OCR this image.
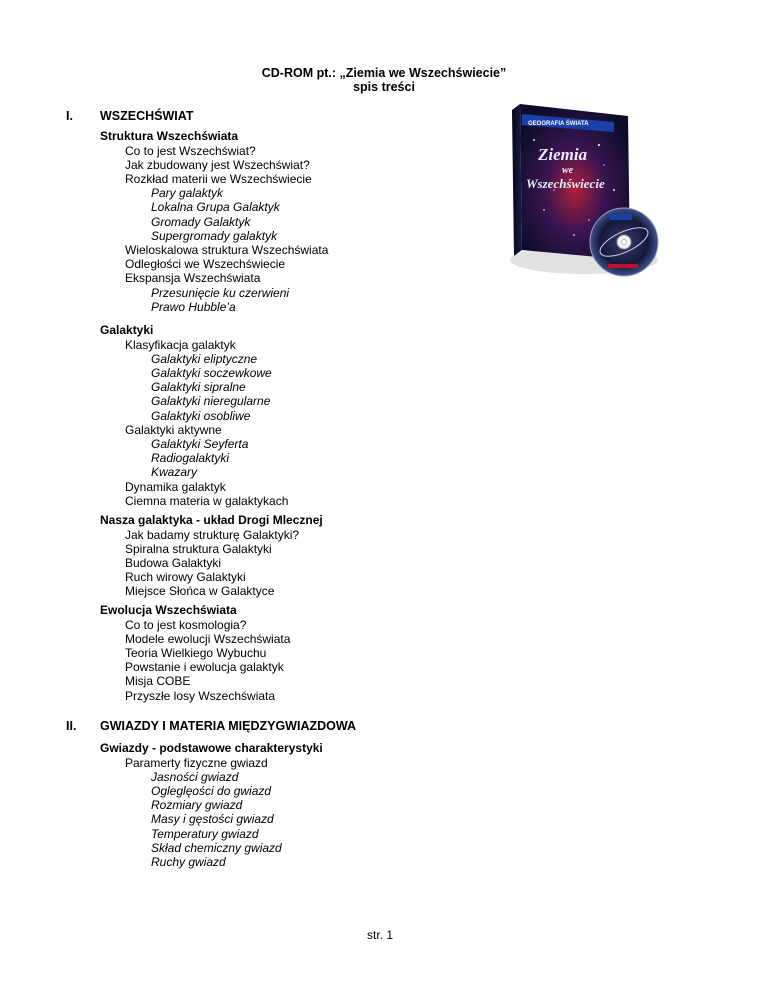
CD-ROM pt.: „Ziemia we Wszechświecie”
spis treści
I. WSZECHŚWIAT
Struktura Wszechświata
Co to jest Wszechświat?
Jak zbudowany jest Wszechświat?
Rozkład materii we Wszechświecie
Pary galaktyk
Lokalna Grupa Galaktyk
Gromady Galaktyk
Supergromady galaktyk
Wieloskalowa struktura Wszechświata
Odległości we Wszechświecie
Ekspansja Wszechświata
Przesunięcie ku czerwieni
Prawo Hubble’a
Galaktyki
Klasyfikacja galaktyk
Galaktyki eliptyczne
Galaktyki soczewkowe
Galaktyki sipralne
Galaktyki nieregularne
Galaktyki osobliwe
Galaktyki aktywne
Galaktyki Seyferta
Radiogalaktyki
Kwazary
Dynamika galaktyk
Ciemna materia w galaktykach
Nasza galaktyka - układ Drogi Mlecznej
Jak badamy strukturę Galaktyki?
Spiralna struktura Galaktyki
Budowa Galaktyki
Ruch wirowy Galaktyki
Miejsce Słońca w Galaktyce
Ewolucja Wszechświata
Co to jest kosmologia?
Modele ewolucji Wszechświata
Teoria Wielkiego Wybuchu
Powstanie i ewolucja galaktyk
Misja COBE
Przyszłe losy Wszechświata
II. GWIAZDY I MATERIA MIĘDZYGWIAZDOWA
Gwiazdy - podstawowe charakterystyki
Paramerty fizyczne gwiazd
Jasności gwiazd
Ogleglęości do gwiazd
Rozmiary gwiazd
Masy i gęstości gwiazd
Temperatury gwiazd
Skład chemiczny gwiazd
Ruchy gwiazd
GEOGRAFIA ŚWIATA
Ziemia
we
Wszechświecie
str. 1
